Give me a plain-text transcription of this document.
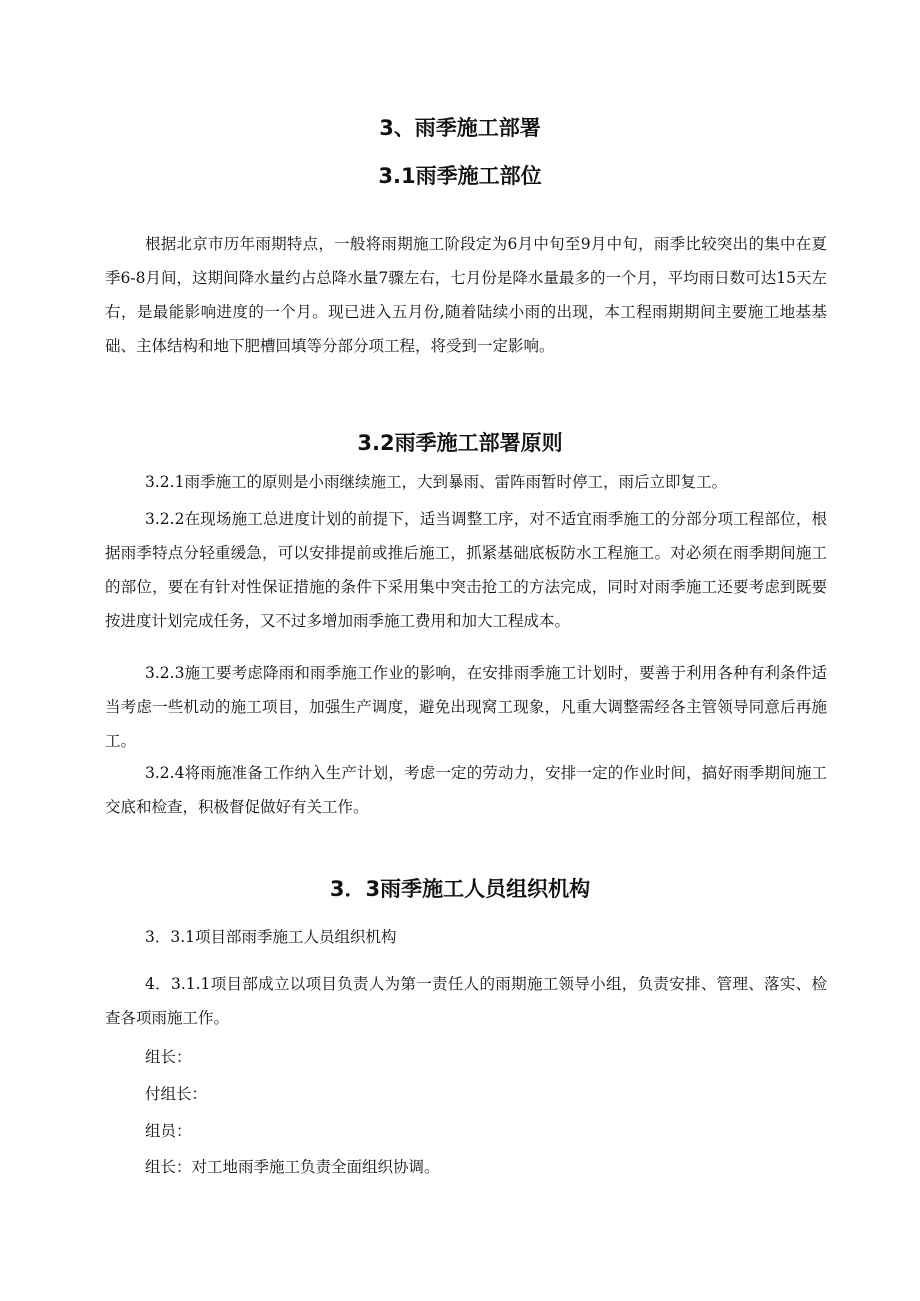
3、雨季施工部署
3.1雨季施工部位

根据北京市历年雨期特点，一般将雨期施工阶段定为6月中旬至9月中旬，雨季比较突出的集中在夏季6-8月间，这期间降水量约占总降水量7骤左右，七月份是降水量最多的一个月，平均雨日数可达15天左右，是最能影响进度的一个月。现已进入五月份,随着陆续小雨的出现，本工程雨期期间主要施工地基基础、主体结构和地下肥槽回填等分部分项工程，将受到一定影响。

3.2雨季施工部署原则

3.2.1雨季施工的原则是小雨继续施工，大到暴雨、雷阵雨暂时停工，雨后立即复工。

3.2.2在现场施工总进度计划的前提下，适当调整工序，对不适宜雨季施工的分部分项工程部位，根据雨季特点分轻重缓急，可以安排提前或推后施工，抓紧基础底板防水工程施工。对必须在雨季期间施工的部位，要在有针对性保证措施的条件下采用集中突击抢工的方法完成，同时对雨季施工还要考虑到既要按进度计划完成任务，又不过多增加雨季施工费用和加大工程成本。

3.2.3施工要考虑降雨和雨季施工作业的影响，在安排雨季施工计划时，要善于利用各种有利条件适当考虑一些机动的施工项目，加强生产调度，避免出现窝工现象，凡重大调整需经各主管领导同意后再施工。

3.2.4将雨施准备工作纳入生产计划，考虑一定的劳动力，安排一定的作业时间，搞好雨季期间施工交底和检查，积极督促做好有关工作。

3．3雨季施工人员组织机构

3．3.1项目部雨季施工人员组织机构

4．3.1.1项目部成立以项目负责人为第一责任人的雨期施工领导小组，负责安排、管理、落实、检查各项雨施工作。

组长：

付组长：

组员：

组长：对工地雨季施工负责全面组织协调。
